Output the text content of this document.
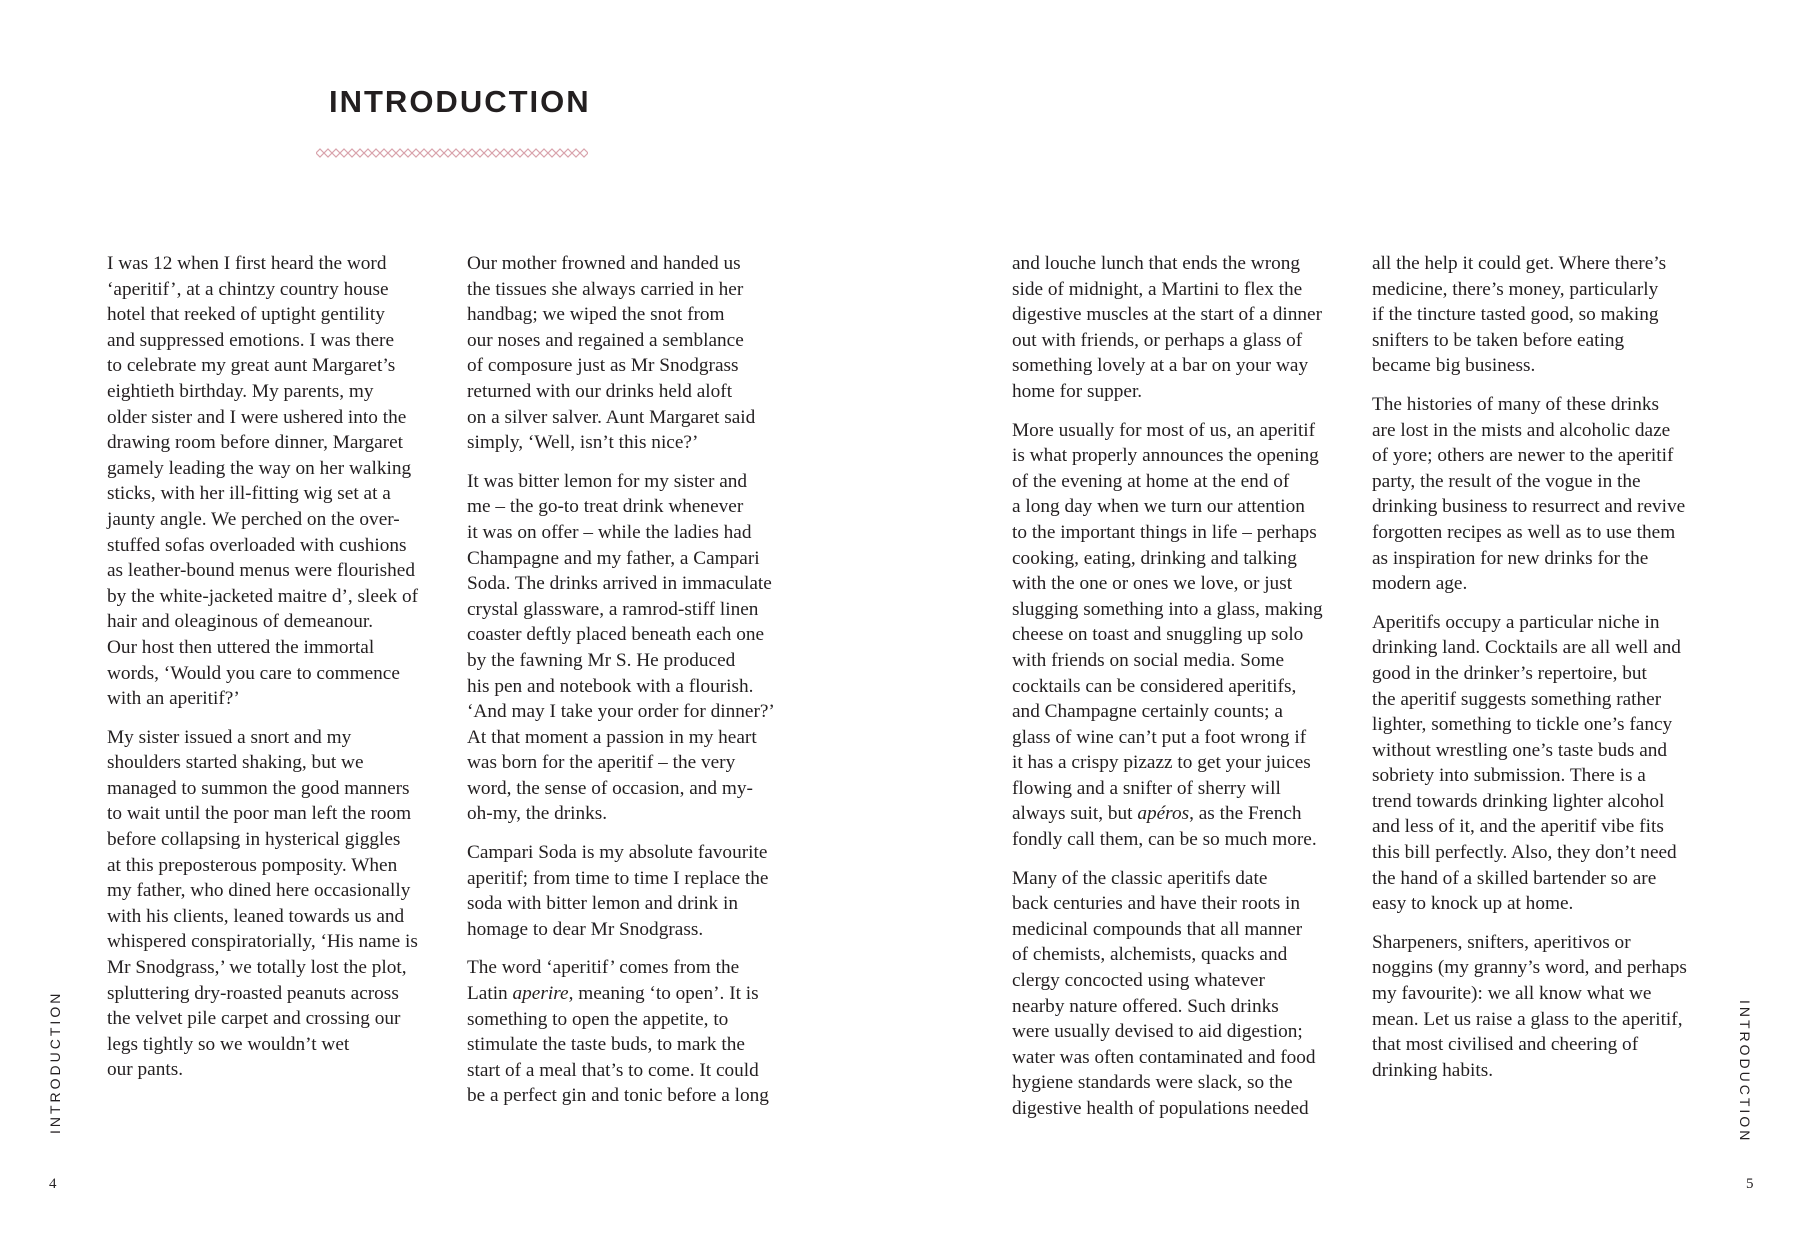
INTRODUCTION

I was 12 when I first heard the word
‘aperitif’, at a chintzy country house
hotel that reeked of uptight gentility
and suppressed emotions. I was there
to celebrate my great aunt Margaret’s
eightieth birthday. My parents, my
older sister and I were ushered into the
drawing room before dinner, Margaret
gamely leading the way on her walking
sticks, with her ill-fitting wig set at a
jaunty angle. We perched on the over-
stuffed sofas overloaded with cushions
as leather-bound menus were flourished
by the white-jacketed maitre d’, sleek of
hair and oleaginous of demeanour.
Our host then uttered the immortal
words, ‘Would you care to commence
with an aperitif?’

My sister issued a snort and my
shoulders started shaking, but we
managed to summon the good manners
to wait until the poor man left the room
before collapsing in hysterical giggles
at this preposterous pomposity. When
my father, who dined here occasionally
with his clients, leaned towards us and
whispered conspiratorially, ‘His name is
Mr Snodgrass,’ we totally lost the plot,
spluttering dry-roasted peanuts across
the velvet pile carpet and crossing our
legs tightly so we wouldn’t wet
our pants.

Our mother frowned and handed us
the tissues she always carried in her
handbag; we wiped the snot from
our noses and regained a semblance
of composure just as Mr Snodgrass
returned with our drinks held aloft
on a silver salver. Aunt Margaret said
simply, ‘Well, isn’t this nice?’

It was bitter lemon for my sister and
me – the go-to treat drink whenever
it was on offer – while the ladies had
Champagne and my father, a Campari
Soda. The drinks arrived in immaculate
crystal glassware, a ramrod-stiff linen
coaster deftly placed beneath each one
by the fawning Mr S. He produced
his pen and notebook with a flourish.
‘And may I take your order for dinner?’
At that moment a passion in my heart
was born for the aperitif – the very
word, the sense of occasion, and my-
oh-my, the drinks.

Campari Soda is my absolute favourite
aperitif; from time to time I replace the
soda with bitter lemon and drink in
homage to dear Mr Snodgrass.

The word ‘aperitif’ comes from the
Latin aperire, meaning ‘to open’. It is
something to open the appetite, to
stimulate the taste buds, to mark the
start of a meal that’s to come. It could
be a perfect gin and tonic before a long

INTRODUCTION
4

and louche lunch that ends the wrong
side of midnight, a Martini to flex the
digestive muscles at the start of a dinner
out with friends, or perhaps a glass of
something lovely at a bar on your way
home for supper.

More usually for most of us, an aperitif
is what properly announces the opening
of the evening at home at the end of
a long day when we turn our attention
to the important things in life – perhaps
cooking, eating, drinking and talking
with the one or ones we love, or just
slugging something into a glass, making
cheese on toast and snuggling up solo
with friends on social media. Some
cocktails can be considered aperitifs,
and Champagne certainly counts; a
glass of wine can’t put a foot wrong if
it has a crispy pizazz to get your juices
flowing and a snifter of sherry will
always suit, but apéros, as the French
fondly call them, can be so much more.

Many of the classic aperitifs date
back centuries and have their roots in
medicinal compounds that all manner
of chemists, alchemists, quacks and
clergy concocted using whatever
nearby nature offered. Such drinks
were usually devised to aid digestion;
water was often contaminated and food
hygiene standards were slack, so the
digestive health of populations needed

all the help it could get. Where there’s
medicine, there’s money, particularly
if the tincture tasted good, so making
snifters to be taken before eating
became big business.

The histories of many of these drinks
are lost in the mists and alcoholic daze
of yore; others are newer to the aperitif
party, the result of the vogue in the
drinking business to resurrect and revive
forgotten recipes as well as to use them
as inspiration for new drinks for the
modern age.

Aperitifs occupy a particular niche in
drinking land. Cocktails are all well and
good in the drinker’s repertoire, but
the aperitif suggests something rather
lighter, something to tickle one’s fancy
without wrestling one’s taste buds and
sobriety into submission. There is a
trend towards drinking lighter alcohol
and less of it, and the aperitif vibe fits
this bill perfectly. Also, they don’t need
the hand of a skilled bartender so are
easy to knock up at home.

Sharpeners, snifters, aperitivos or
noggins (my granny’s word, and perhaps
my favourite): we all know what we
mean. Let us raise a glass to the aperitif,
that most civilised and cheering of
drinking habits.	INTRODUCTION
5
